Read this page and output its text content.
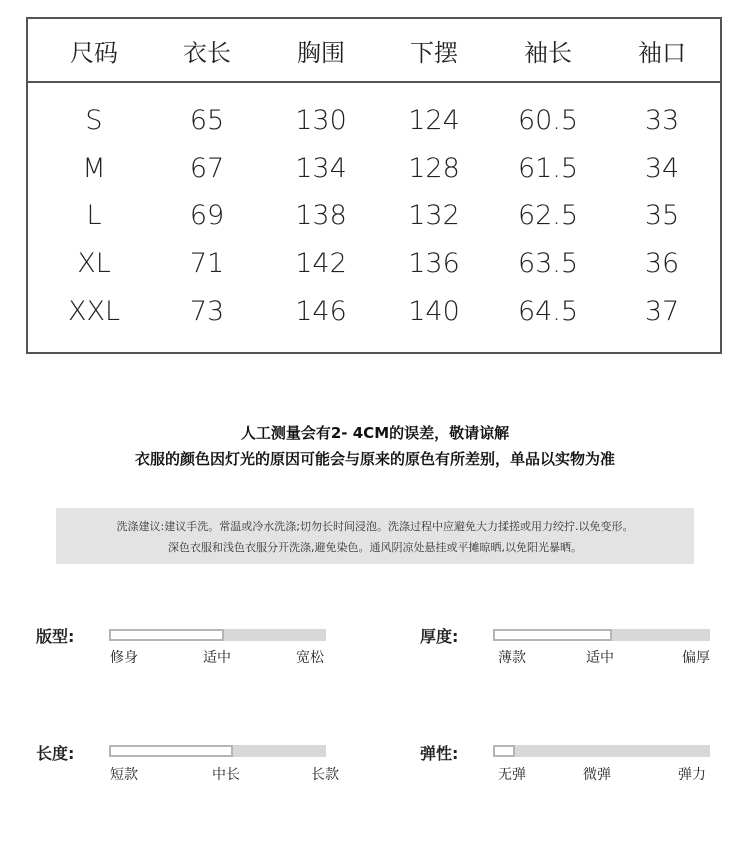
尺码	衣长	胸围	下摆	袖长	袖口
S	65	130	124	60.5	33
M	67	134	128	61.5	34
L	69	138	132	62.5	35
XL	71	142	136	63.5	36
XXL	73	146	140	64.5	37
人工测量会有2- 4CM的误差，敬请谅解
衣服的颜色因灯光的原因可能会与原来的原色有所差别，单品以实物为准
洗涤建议:建议手洗。常温或冷水洗涤;切勿长时间浸泡。洗涤过程中应避免大力揉搓或用力绞拧.以免变形。
深色衣服和浅色衣服分开洗涤,避免染色。通风阴凉处悬挂或平摊晾晒,以免阳光暴晒。
版型:
修身	适中	宽松
厚度:
薄款	适中	偏厚
长度:
短款	中长	长款
弹性:
无弹	微弹	弹力
